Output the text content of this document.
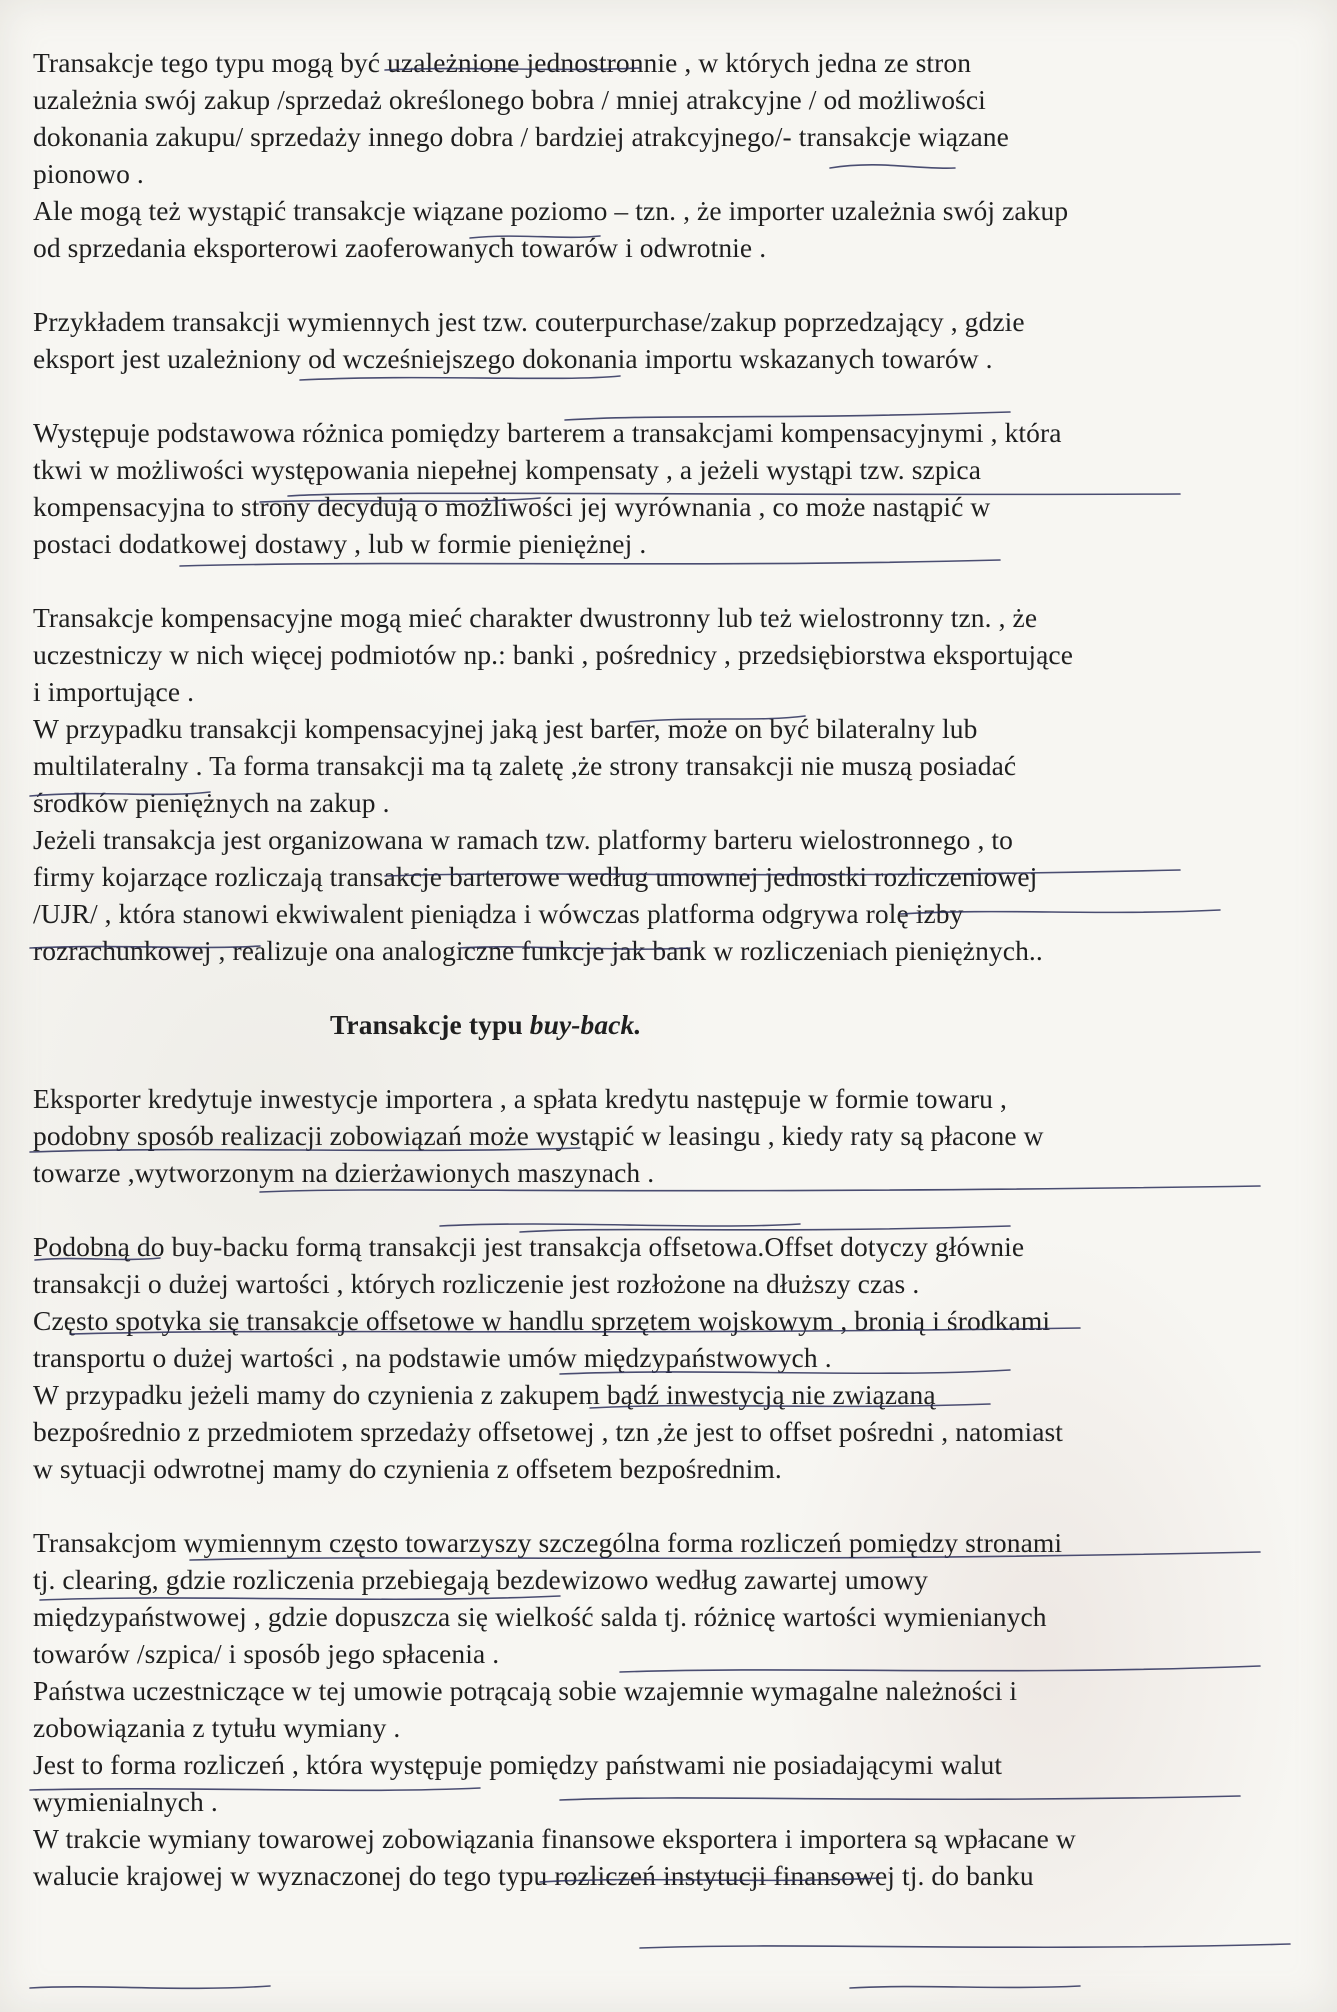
Transakcje tego typu mogą być uzależnione jednostronnie , w których jedna ze stron
uzależnia swój zakup /sprzedaż określonego bobra / mniej atrakcyjne / od możliwości
dokonania zakupu/ sprzedaży innego dobra / bardziej atrakcyjnego/- transakcje wiązane
pionowo .
Ale mogą też wystąpić transakcje wiązane poziomo – tzn. , że importer uzależnia swój zakup
od sprzedania eksporterowi zaoferowanych towarów i odwrotnie .
Przykładem transakcji wymiennych jest tzw. couterpurchase/zakup poprzedzający , gdzie
eksport jest uzależniony od wcześniejszego dokonania importu wskazanych towarów .
Występuje podstawowa różnica pomiędzy barterem a transakcjami kompensacyjnymi , która
tkwi w możliwości występowania niepełnej kompensaty , a jeżeli wystąpi tzw. szpica
kompensacyjna to strony decydują o możliwości jej wyrównania , co może nastąpić w
postaci dodatkowej dostawy , lub w formie pieniężnej .
Transakcje kompensacyjne mogą mieć charakter dwustronny lub też wielostronny tzn. , że
uczestniczy w nich więcej podmiotów np.: banki , pośrednicy , przedsiębiorstwa eksportujące
i importujące .
W przypadku transakcji kompensacyjnej jaką jest barter, może on być bilateralny lub
multilateralny . Ta forma transakcji ma tą zaletę ,że strony transakcji nie muszą posiadać
środków pieniężnych na zakup .
Jeżeli transakcja jest organizowana w ramach tzw. platformy barteru wielostronnego , to
firmy kojarzące rozliczają transakcje barterowe według umownej jednostki rozliczeniowej
/UJR/ , która stanowi ekwiwalent pieniądza i wówczas platforma odgrywa rolę izby
rozrachunkowej , realizuje ona analogiczne funkcje jak bank w rozliczeniach pieniężnych..
Transakcje typu buy-back.
Eksporter kredytuje inwestycje importera , a spłata kredytu następuje w formie towaru ,
podobny sposób realizacji zobowiązań może wystąpić w leasingu , kiedy raty są płacone w
towarze ,wytworzonym na dzierżawionych maszynach .
Podobną do buy-backu formą transakcji jest transakcja offsetowa.Offset dotyczy głównie
transakcji o dużej wartości , których rozliczenie jest rozłożone na dłuższy czas .
Często spotyka się transakcje offsetowe w handlu sprzętem wojskowym , bronią i środkami
transportu o dużej wartości , na podstawie umów międzypaństwowych .
W przypadku jeżeli mamy do czynienia z zakupem bądź inwestycją nie związaną
bezpośrednio z przedmiotem sprzedaży offsetowej , tzn ,że jest to offset pośredni , natomiast
w sytuacji odwrotnej mamy do czynienia z offsetem bezpośrednim.
Transakcjom wymiennym często towarzyszy szczególna forma rozliczeń pomiędzy stronami
tj. clearing, gdzie rozliczenia przebiegają bezdewizowo według zawartej umowy
międzypaństwowej , gdzie dopuszcza się wielkość salda tj. różnicę wartości wymienianych
towarów /szpica/ i sposób jego spłacenia .
Państwa uczestniczące w tej umowie potrącają sobie wzajemnie wymagalne należności i
zobowiązania z tytułu wymiany .
Jest to forma rozliczeń , która występuje pomiędzy państwami nie posiadającymi walut
wymienialnych .
W trakcie wymiany towarowej zobowiązania finansowe eksportera i importera są wpłacane w
walucie krajowej w wyznaczonej do tego typu rozliczeń instytucji finansowej tj. do banku
